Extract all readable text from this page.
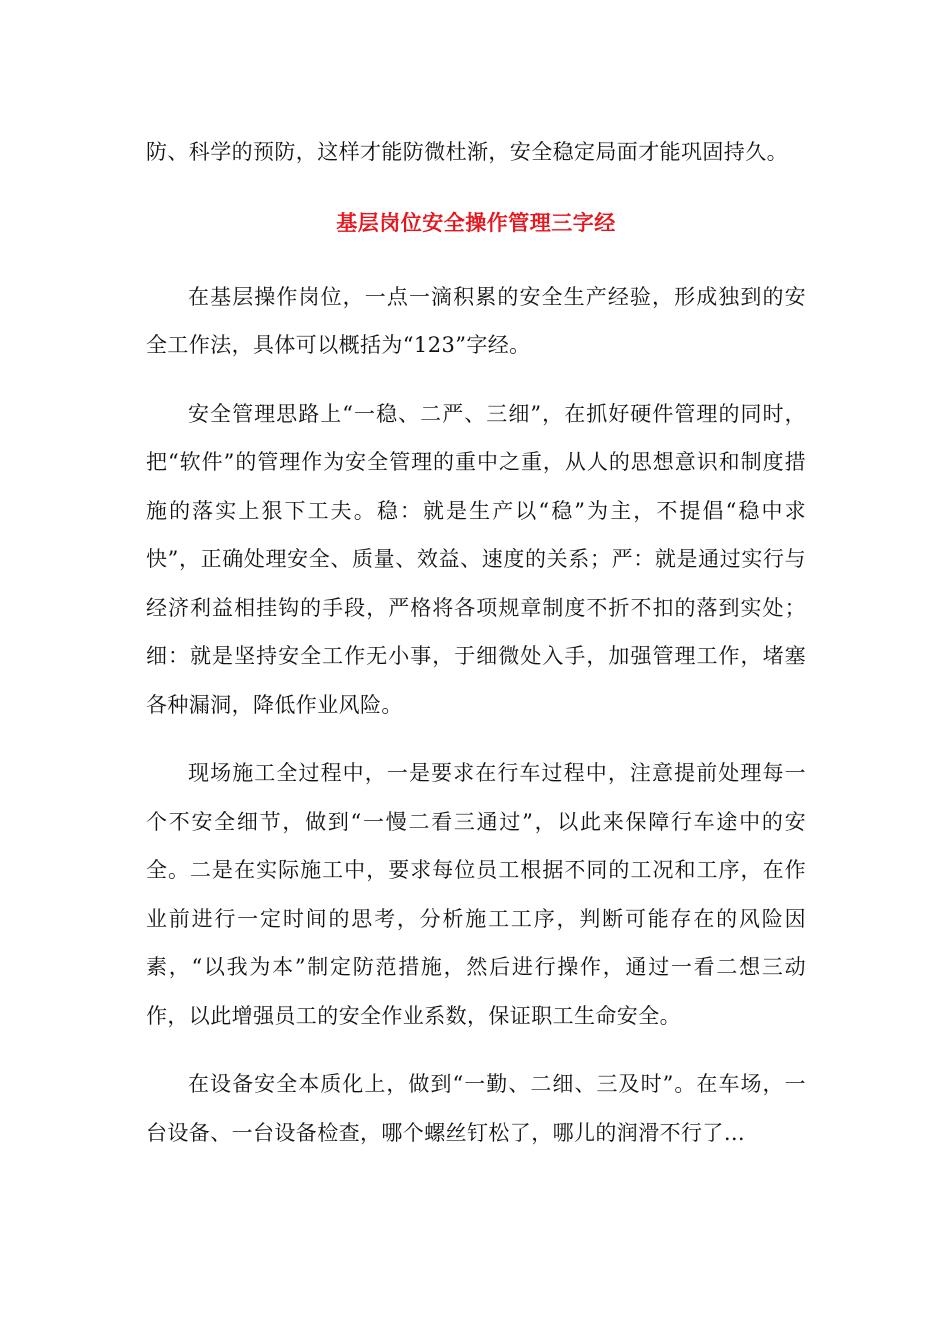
防、科学的预防，这样才能防微杜渐，安全稳定局面才能巩固持久。

基层岗位安全操作管理三字经

在基层操作岗位，一点一滴积累的安全生产经验，形成独到的安全工作法，具体可以概括为“123”字经。

安全管理思路上“一稳、二严、三细”，在抓好硬件管理的同时，把“软件”的管理作为安全管理的重中之重，从人的思想意识和制度措施的落实上狠下工夫。稳：就是生产以“稳”为主，不提倡“稳中求快”，正确处理安全、质量、效益、速度的关系；严：就是通过实行与经济利益相挂钩的手段，严格将各项规章制度不折不扣的落到实处；细：就是坚持安全工作无小事，于细微处入手，加强管理工作，堵塞各种漏洞，降低作业风险。

现场施工全过程中，一是要求在行车过程中，注意提前处理每一个不安全细节，做到“一慢二看三通过”，以此来保障行车途中的安全。二是在实际施工中，要求每位员工根据不同的工况和工序，在作业前进行一定时间的思考，分析施工工序，判断可能存在的风险因素，“以我为本”制定防范措施，然后进行操作，通过一看二想三动作，以此增强员工的安全作业系数，保证职工生命安全。

在设备安全本质化上，做到“一勤、二细、三及时”。在车场，一台设备、一台设备检查，哪个螺丝钉松了，哪儿的润滑不行了…
